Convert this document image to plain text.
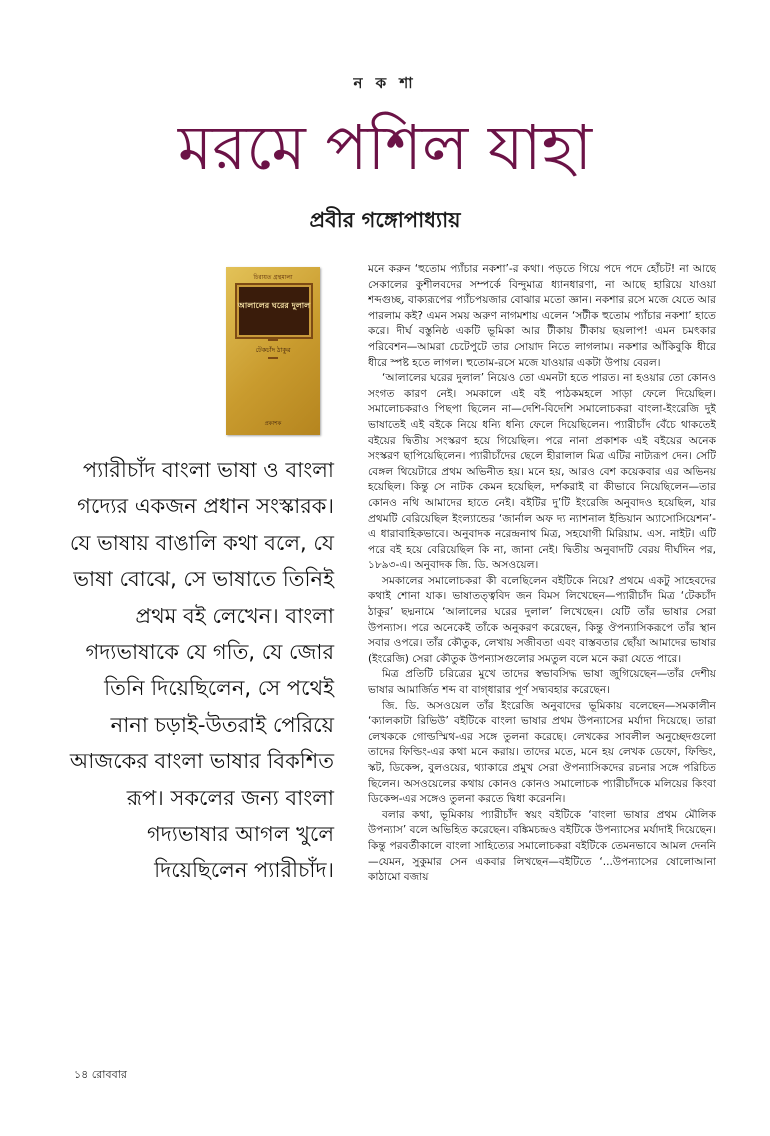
ন ক শা
মরমে পশিল যাহা
প্রবীর গঙ্গোপাধ্যায়
চিরায়ত গ্রন্থমালা
আলালের ঘরের দুলাল
টেকচাঁদ ঠাকুর
প্রকাশক
প্যারীচাঁদ বাংলা ভাষা ও বাংলা গদ্যের একজন প্রধান সংস্কারক। যে ভাষায় বাঙালি কথা বলে, যে ভাষা বোঝে, সে ভাষাতে তিনিই প্রথম বই লেখেন। বাংলা গদ্যভাষাকে যে গতি, যে জোর তিনি দিয়েছিলেন, সে পথেই নানা চড়াই-উতরাই পেরিয়ে আজকের বাংলা ভাষার বিকশিত রূপ। সকলের জন্য বাংলা গদ্যভাষার আগল খুলে দিয়েছিলেন প্যারীচাঁদ।

মনে করুন ‘হুতোম প্যাঁচার নকশা’-র কথা। পড়তে গিয়ে পদে পদে হোঁচট! না আছে সেকালের কুশীলবদের সম্পর্কে বিন্দুমাত্র ধ্যানধারণা, না আছে হারিয়ে যাওয়া শব্দগুচ্ছ, বাক্যরূপের প্যাঁচপয়জার বোঝার মতো জ্ঞান। নকশার রসে মজে যেতে আর পারলাম কই? এমন সময় অরুণ নাগমশায় এলেন ‘সটীক হুতোম প্যাঁচার নকশা’ হাতে করে। দীর্ঘ বস্তুনিষ্ঠ একটি ভূমিকা আর টীকায় টীকায় ছয়লাপ! এমন চমৎকার পরিবেশন—আমরা চেটেপুটে তার সোয়াদ নিতে লাগলাম। নকশার আঁকিবুকি ধীরে ধীরে স্পষ্ট হতে লাগল। হুতোম-রসে মজে যাওয়ার একটা উপায় বেরল।

‘আলালের ঘরের দুলাল’ নিয়েও তো এমনটা হতে পারত। না হওয়ার তো কোনও সংগত কারণ নেই। সমকালে এই বই পাঠকমহলে সাড়া ফেলে দিয়েছিল। সমালোচকরাও পিছপা ছিলেন না—দেশি-বিদেশি সমালোচকরা বাংলা-ইংরেজি দুই ভাষাতেই এই বইকে নিয়ে ধন্যি ধন্যি ফেলে দিয়েছিলেন। প্যারীচাঁদ বেঁচে থাকতেই বইয়ের দ্বিতীয় সংস্করণ হয়ে গিয়েছিল। পরে নানা প্রকাশক এই বইয়ের অনেক সংস্করণ ছাপিয়েছিলেন। প্যারীচাঁদের ছেলে হীরালাল মিত্র এটির নাট্যরূপ দেন। সেটি বেঙ্গল থিয়েটারে প্রথম অভিনীত হয়। মনে হয়, আরও বেশ কয়েকবার এর অভিনয় হয়েছিল। কিন্তু সে নাটক কেমন হয়েছিল, দর্শকরাই বা কীভাবে নিয়েছিলেন—তার কোনও নথি আমাদের হাতে নেই। বইটির দু’টি ইংরেজি অনুবাদও হয়েছিল, যার প্রথমটি বেরিয়েছিল ইংল্যান্ডের ‘জার্নাল অফ দ্য ন্যাশনাল ইন্ডিয়ান অ্যাসোসিয়েশন’-এ ধারাবাহিকভাবে। অনুবাদক নরেন্দ্রনাথ মিত্র, সহযোগী মিরিয়াম. এস. নাইট। এটি পরে বই হয়ে বেরিয়েছিল কি না, জানা নেই। দ্বিতীয় অনুবাদটি বেরয় দীর্ঘদিন পর, ১৮৯৩-এ। অনুবাদক জি. ডি. অসওয়েল।

সমকালের সমালোচকরা কী বলেছিলেন বইটিকে নিয়ে? প্রথমে একটু সাহেবদের কথাই শোনা যাক। ভাষাতত্ত্ববিদ জন বিমস লিখেছেন—প্যারীচাঁদ মিত্র ‘টেকচাঁদ ঠাকুর’ ছদ্মনামে ‘আলালের ঘরের দুলাল’ লিখেছেন। যেটি তাঁর ভাষার সেরা উপন্যাস। পরে অনেকেই তাঁকে অনুকরণ করেছেন, কিন্তু ঔপন্যাসিকরূপে তাঁর স্থান সবার ওপরে। তাঁর কৌতুক, লেখায় সজীবতা এবং বাস্তবতার ছোঁয়া আমাদের ভাষার (ইংরেজি) সেরা কৌতুক উপন্যাসগুলোর সমতুল বলে মনে করা যেতে পারে।

মিত্র প্রতিটি চরিত্রের মুখে তাদের স্বভাবসিদ্ধ ভাষা জুগিয়েছেন—তাঁর দেশীয় ভাষার আমার্জিত শব্দ বা বাগ্‌ধারার পূর্ণ সদ্ব্যবহার করেছেন।

জি. ডি. অসওয়েল তাঁর ইংরেজি অনুবাদের ভূমিকায় বলেছেন—সমকালীন ‘ক্যালকাটা রিভিউ’ বইটিকে বাংলা ভাষার প্রথম উপন্যাসের মর্যাদা দিয়েছে। তারা লেখককে গোল্ডস্মিথ-এর সঙ্গে তুলনা করেছে। লেখকের সাবলীল অনুচ্ছেদগুলো তাদের ফিল্ডিং-এর কথা মনে করায়। তাদের মতে, মনে হয় লেখক ডেফো, ফিল্ডিং, স্কট, ডিকেন্স, বুলওয়ের, থ্যাকারে প্রমুখ সেরা ঔপন্যাসিকদের রচনার সঙ্গে পরিচিত ছিলেন। অসওয়েলের কথায় কোনও কোনও সমালোচক প্যারীচাঁদকে মলিয়ের কিংবা ডিকেন্স-এর সঙ্গেও তুলনা করতে দ্বিধা করেননি।

বলার কথা, ভূমিকায় প্যারীচাঁদ স্বয়ং বইটিকে ‘বাংলা ভাষার প্রথম মৌলিক উপন্যাস’ বলে অভিহিত করেছেন। বঙ্কিমচন্দ্রও বইটিকে উপন্যাসের মর্যাদাই দিয়েছেন। কিন্তু পরবর্তীকালে বাংলা সাহিত্যের সমালোচকরা বইটিকে তেমনভাবে আমল দেননি—যেমন, সুকুমার সেন একবার লিখছেন—বইটিতে ‘...উপন্যাসের ষোলোআনা কাঠামো বজায়

১৪ রোববার
